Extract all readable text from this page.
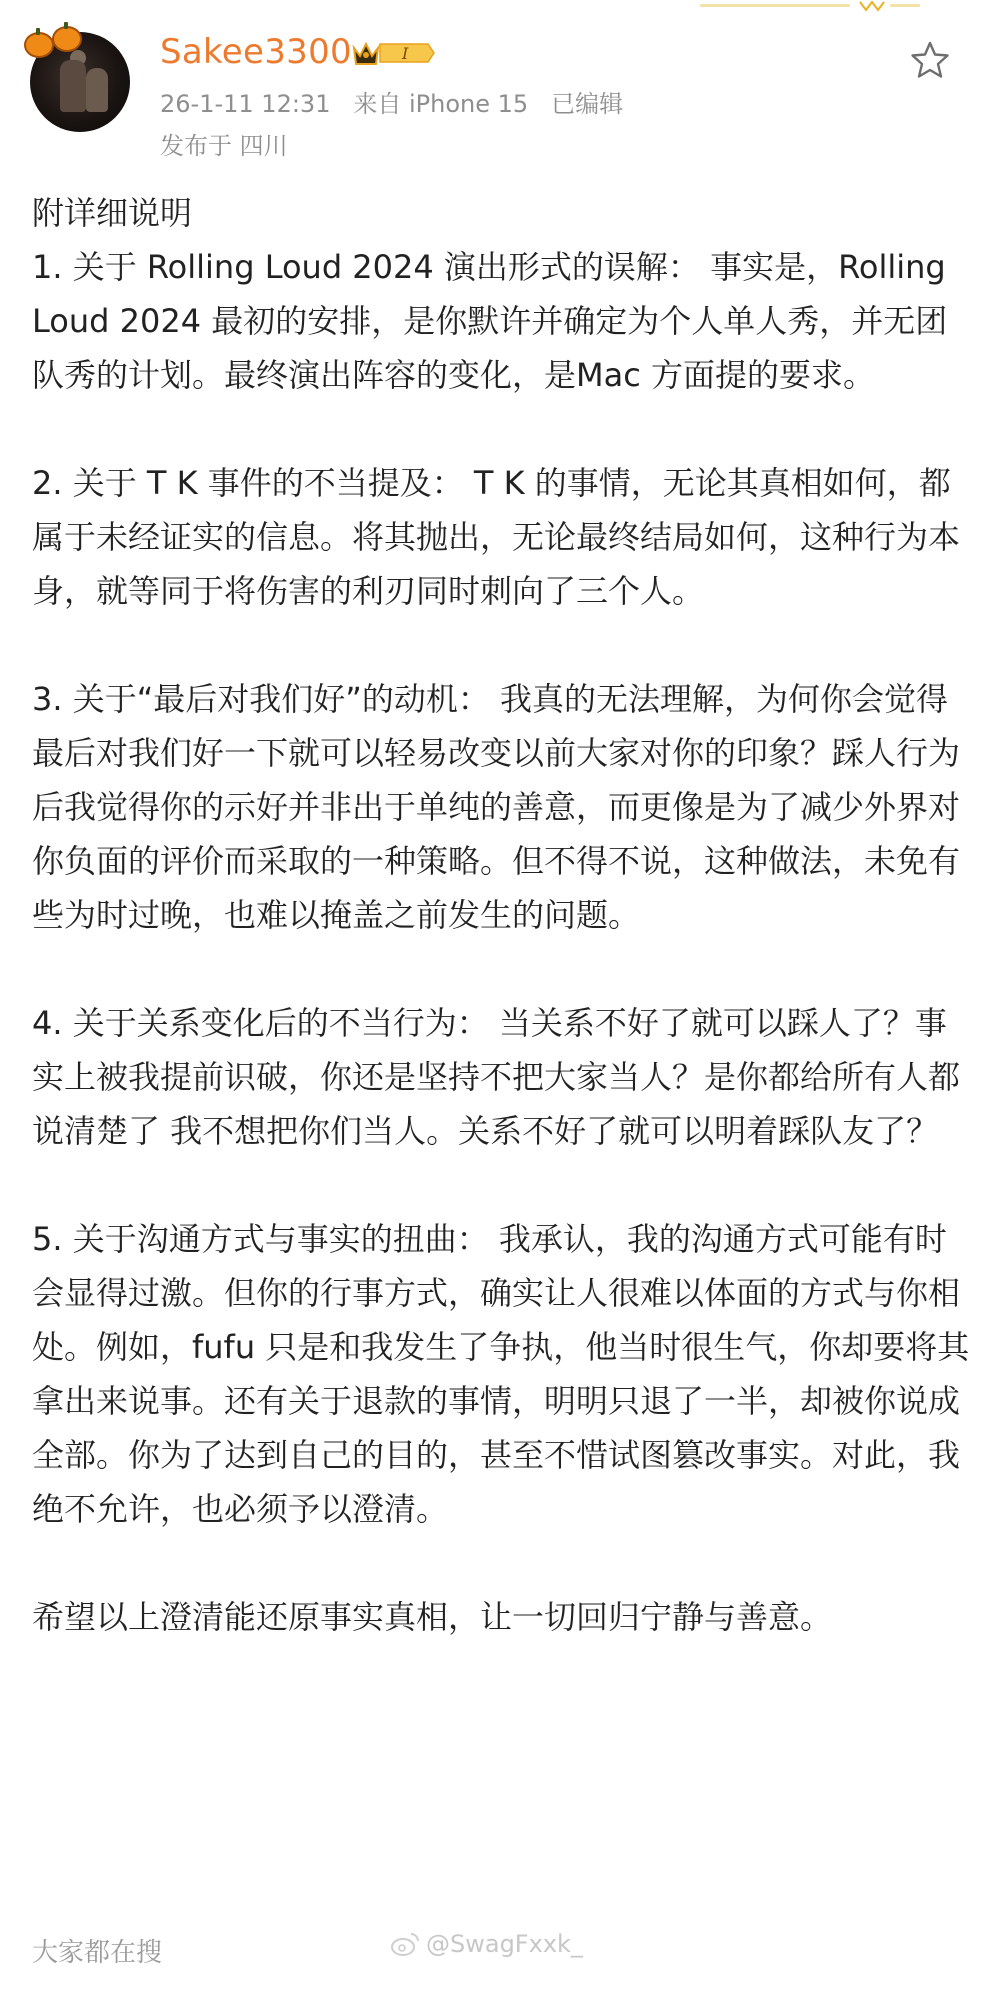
Sakee3300	I
26-1-11 12:31 来自 iPhone 15 已编辑
发布于 四川

附详细说明

1. 关于 Rolling Loud 2024 演出形式的误解： 事实是，Rolling Loud 2024 最初的安排，是你默许并确定为个人单人秀，并无团队秀的计划。最终演出阵容的变化，是Mac 方面提的要求。

2. 关于 T K 事件的不当提及： T K 的事情，无论其真相如何，都属于未经证实的信息。将其抛出，无论最终结局如何，这种行为本身，就等同于将伤害的利刃同时刺向了三个人。

3. 关于“最后对我们好”的动机： 我真的无法理解，为何你会觉得最后对我们好一下就可以轻易改变以前大家对你的印象？踩人行为后我觉得你的示好并非出于单纯的善意，而更像是为了减少外界对你负面的评价而采取的一种策略。但不得不说，这种做法，未免有些为时过晚，也难以掩盖之前发生的问题。

4. 关于关系变化后的不当行为： 当关系不好了就可以踩人了？事实上被我提前识破，你还是坚持不把大家当人？是你都给所有人都说清楚了 我不想把你们当人。关系不好了就可以明着踩队友了？

5. 关于沟通方式与事实的扭曲： 我承认，我的沟通方式可能有时会显得过激。但你的行事方式，确实让人很难以体面的方式与你相处。例如，fufu 只是和我发生了争执，他当时很生气，你却要将其拿出来说事。还有关于退款的事情，明明只退了一半，却被你说成全部。你为了达到自己的目的，甚至不惜试图篡改事实。对此，我绝不允许，也必须予以澄清。

希望以上澄清能还原事实真相，让一切回归宁静与善意。

大家都在搜	@SwagFxxk_
